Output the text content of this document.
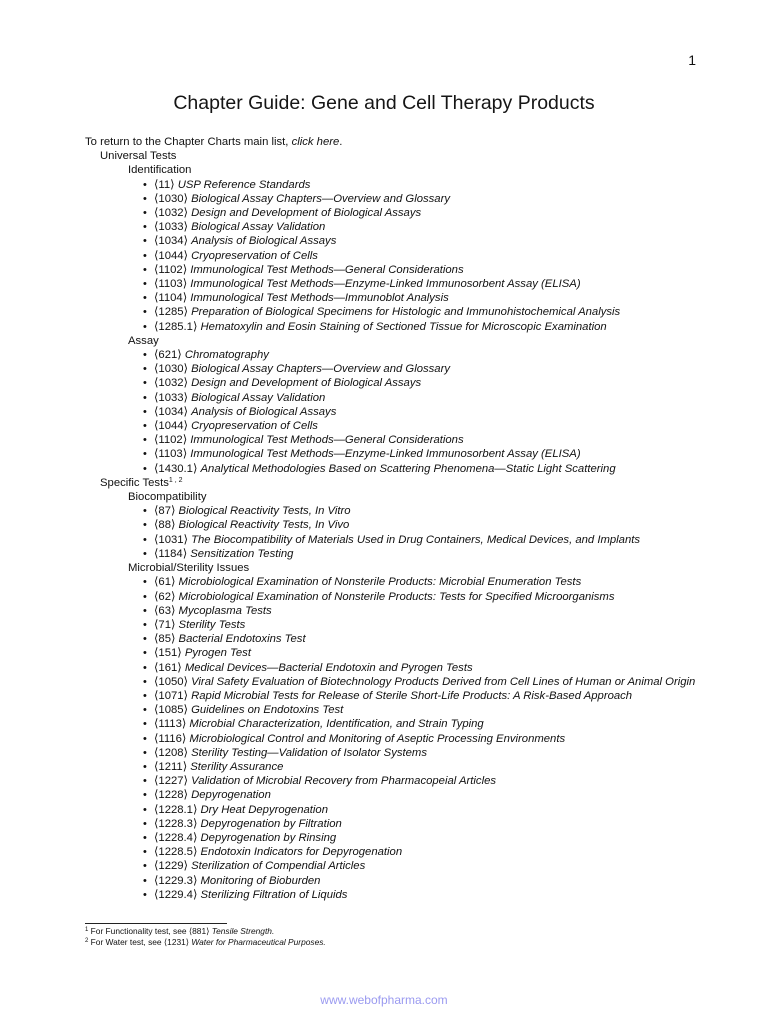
1
Chapter Guide: Gene and Cell Therapy Products
To return to the Chapter Charts main list, click here.
Universal Tests
Identification
• ⟨11⟩ USP Reference Standards
• ⟨1030⟩ Biological Assay Chapters—Overview and Glossary
• ⟨1032⟩ Design and Development of Biological Assays
• ⟨1033⟩ Biological Assay Validation
• ⟨1034⟩ Analysis of Biological Assays
• ⟨1044⟩ Cryopreservation of Cells
• ⟨1102⟩ Immunological Test Methods—General Considerations
• ⟨1103⟩ Immunological Test Methods—Enzyme-Linked Immunosorbent Assay (ELISA)
• ⟨1104⟩ Immunological Test Methods—Immunoblot Analysis
• ⟨1285⟩ Preparation of Biological Specimens for Histologic and Immunohistochemical Analysis
• ⟨1285.1⟩ Hematoxylin and Eosin Staining of Sectioned Tissue for Microscopic Examination
Assay
• ⟨621⟩ Chromatography
• ⟨1030⟩ Biological Assay Chapters—Overview and Glossary
• ⟨1032⟩ Design and Development of Biological Assays
• ⟨1033⟩ Biological Assay Validation
• ⟨1034⟩ Analysis of Biological Assays
• ⟨1044⟩ Cryopreservation of Cells
• ⟨1102⟩ Immunological Test Methods—General Considerations
• ⟨1103⟩ Immunological Test Methods—Enzyme-Linked Immunosorbent Assay (ELISA)
• ⟨1430.1⟩ Analytical Methodologies Based on Scattering Phenomena—Static Light Scattering
Specific Tests$^{1 , 2}$
Biocompatibility
• ⟨87⟩ Biological Reactivity Tests, In Vitro
• ⟨88⟩ Biological Reactivity Tests, In Vivo
• ⟨1031⟩ The Biocompatibility of Materials Used in Drug Containers, Medical Devices, and Implants
• ⟨1184⟩ Sensitization Testing
Microbial/Sterility Issues
• ⟨61⟩ Microbiological Examination of Nonsterile Products: Microbial Enumeration Tests
• ⟨62⟩ Microbiological Examination of Nonsterile Products: Tests for Specified Microorganisms
• ⟨63⟩ Mycoplasma Tests
• ⟨71⟩ Sterility Tests
• ⟨85⟩ Bacterial Endotoxins Test
• ⟨151⟩ Pyrogen Test
• ⟨161⟩ Medical Devices—Bacterial Endotoxin and Pyrogen Tests
• ⟨1050⟩ Viral Safety Evaluation of Biotechnology Products Derived from Cell Lines of Human or Animal Origin
• ⟨1071⟩ Rapid Microbial Tests for Release of Sterile Short-Life Products: A Risk-Based Approach
• ⟨1085⟩ Guidelines on Endotoxins Test
• ⟨1113⟩ Microbial Characterization, Identification, and Strain Typing
• ⟨1116⟩ Microbiological Control and Monitoring of Aseptic Processing Environments
• ⟨1208⟩ Sterility Testing—Validation of Isolator Systems
• ⟨1211⟩ Sterility Assurance
• ⟨1227⟩ Validation of Microbial Recovery from Pharmacopeial Articles
• ⟨1228⟩ Depyrogenation
• ⟨1228.1⟩ Dry Heat Depyrogenation
• ⟨1228.3⟩ Depyrogenation by Filtration
• ⟨1228.4⟩ Depyrogenation by Rinsing
• ⟨1228.5⟩ Endotoxin Indicators for Depyrogenation
• ⟨1229⟩ Sterilization of Compendial Articles
• ⟨1229.3⟩ Monitoring of Bioburden
• ⟨1229.4⟩ Sterilizing Filtration of Liquids
$^1$ For Functionality test, see ⟨881⟩ Tensile Strength.
$^2$ For Water test, see ⟨1231⟩ Water for Pharmaceutical Purposes.
www.webofpharma.com
